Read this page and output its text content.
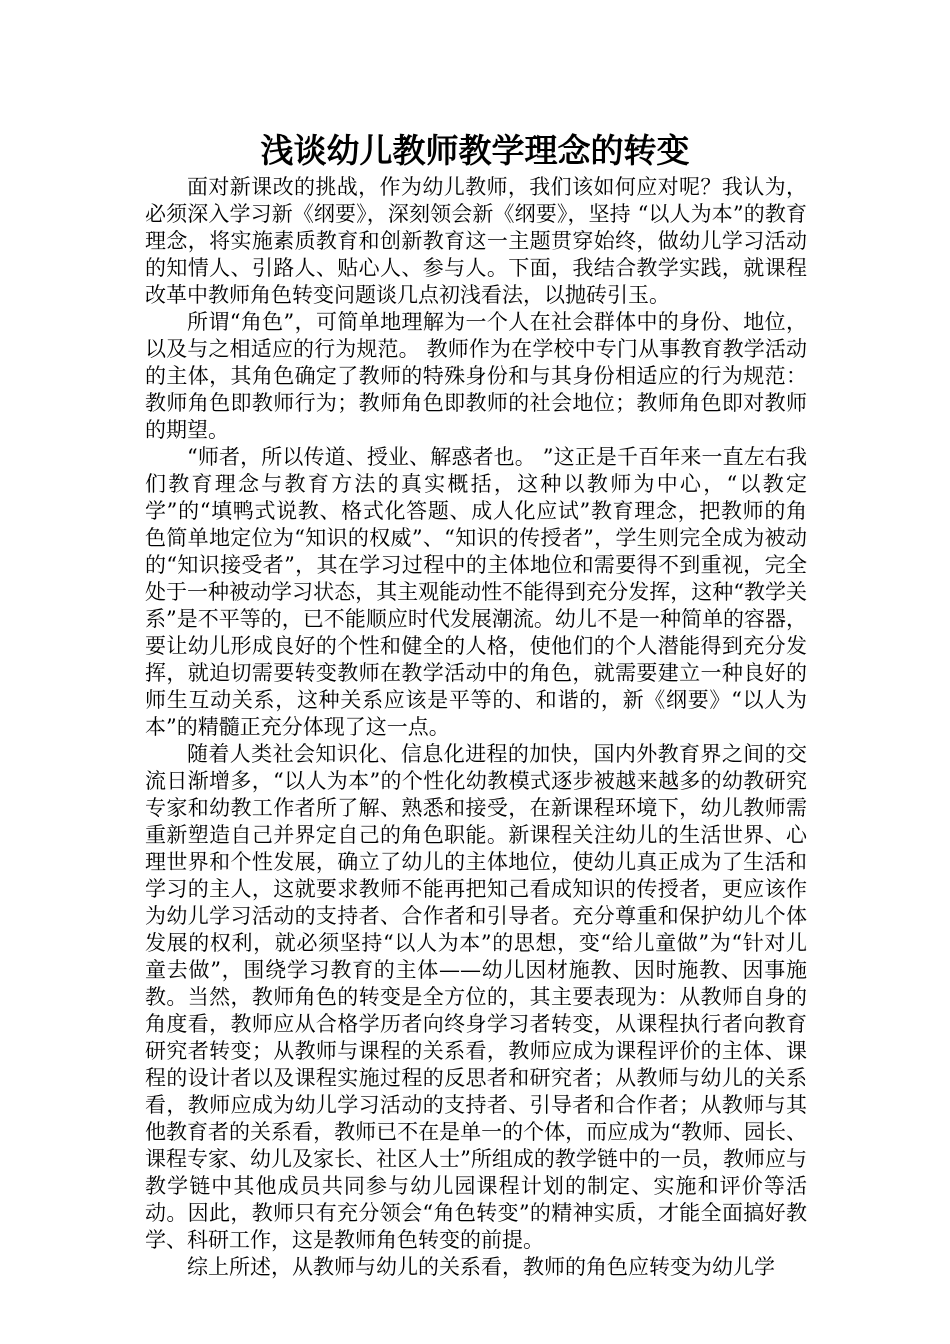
浅谈幼儿教师教学理念的转变

面对新课改的挑战，作为幼儿教师，我们该如何应对呢？我认为，必须深入学习新《纲要》，深刻领会新《纲要》，坚持 “以人为本”的教育理念，将实施素质教育和创新教育这一主题贯穿始终，做幼儿学习活动的知情人、引路人、贴心人、参与人。下面，我结合教学实践，就课程改革中教师角色转变问题谈几点初浅看法，以抛砖引玉。

所谓“角色”，可简单地理解为一个人在社会群体中的身份、地位，以及与之相适应的行为规范。 教师作为在学校中专门从事教育教学活动的主体，其角色确定了教师的特殊身份和与其身份相适应的行为规范：教师角色即教师行为；教师角色即教师的社会地位；教师角色即对教师的期望。

“师者，所以传道、授业、解惑者也。 ”这正是千百年来一直左右我们教育理念与教育方法的真实概括，这种以教师为中心，“以教定学”的“填鸭式说教、格式化答题、成人化应试”教育理念，把教师的角色简单地定位为“知识的权威”、“知识的传授者”，学生则完全成为被动的“知识接受者”，其在学习过程中的主体地位和需要得不到重视，完全处于一种被动学习状态，其主观能动性不能得到充分发挥，这种“教学关系”是不平等的，已不能顺应时代发展潮流。幼儿不是一种简单的容器，要让幼儿形成良好的个性和健全的人格，使他们的个人潜能得到充分发挥，就迫切需要转变教师在教学活动中的角色，就需要建立一种良好的师生互动关系，这种关系应该是平等的、和谐的，新《纲要》“以人为本”的精髓正充分体现了这一点。

随着人类社会知识化、信息化进程的加快，国内外教育界之间的交流日渐增多，“以人为本”的个性化幼教模式逐步被越来越多的幼教研究专家和幼教工作者所了解、熟悉和接受，在新课程环境下，幼儿教师需重新塑造自己并界定自己的角色职能。新课程关注幼儿的生活世界、心理世界和个性发展，确立了幼儿的主体地位，使幼儿真正成为了生活和学习的主人，这就要求教师不能再把知己看成知识的传授者，更应该作为幼儿学习活动的支持者、合作者和引导者。充分尊重和保护幼儿个体发展的权利，就必须坚持“以人为本”的思想，变“给儿童做”为“针对儿童去做”，围绕学习教育的主体——幼儿因材施教、因时施教、因事施教。当然，教师角色的转变是全方位的，其主要表现为：从教师自身的角度看，教师应从合格学历者向终身学习者转变，从课程执行者向教育研究者转变；从教师与课程的关系看，教师应成为课程评价的主体、课程的设计者以及课程实施过程的反思者和研究者；从教师与幼儿的关系看，教师应成为幼儿学习活动的支持者、引导者和合作者；从教师与其他教育者的关系看，教师已不在是单一的个体，而应成为“教师、园长、课程专家、幼儿及家长、社区人士”所组成的教学链中的一员，教师应与教学链中其他成员共同参与幼儿园课程计划的制定、实施和评价等活动。因此，教师只有充分领会“角色转变”的精神实质，才能全面搞好教学、科研工作，这是教师角色转变的前提。

综上所述，从教师与幼儿的关系看，教师的角色应转变为幼儿学
